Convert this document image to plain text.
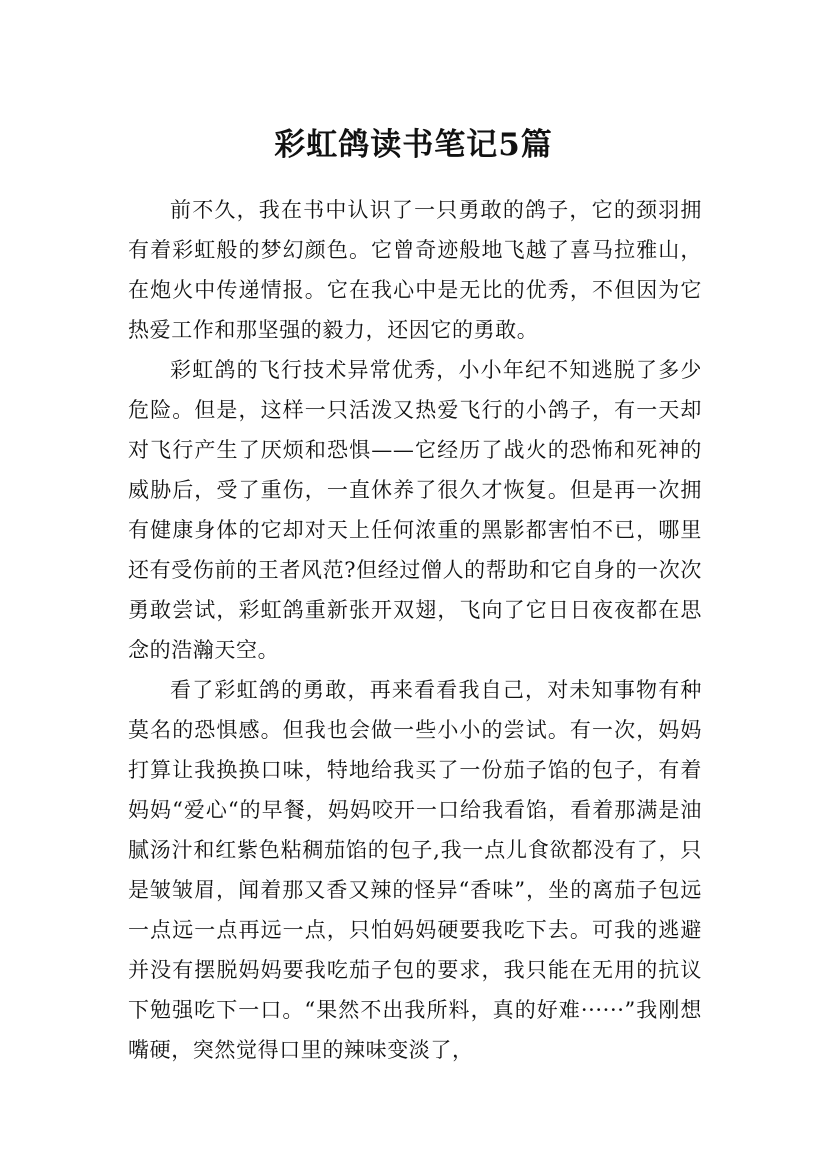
彩虹鸽读书笔记5篇

前不久，我在书中认识了一只勇敢的鸽子，它的颈羽拥有着彩虹般的梦幻颜色。它曾奇迹般地飞越了喜马拉雅山，在炮火中传递情报。它在我心中是无比的优秀，不但因为它热爱工作和那坚强的毅力，还因它的勇敢。

彩虹鸽的飞行技术异常优秀，小小年纪不知逃脱了多少危险。但是，这样一只活泼又热爱飞行的小鸽子，有一天却对飞行产生了厌烦和恐惧——它经历了战火的恐怖和死神的威胁后，受了重伤，一直休养了很久才恢复。但是再一次拥有健康身体的它却对天上任何浓重的黑影都害怕不已，哪里还有受伤前的王者风范?但经过僧人的帮助和它自身的一次次勇敢尝试，彩虹鸽重新张开双翅，飞向了它日日夜夜都在思念的浩瀚天空。

看了彩虹鸽的勇敢，再来看看我自己，对未知事物有种莫名的恐惧感。但我也会做一些小小的尝试。有一次，妈妈打算让我换换口味，特地给我买了一份茄子馅的包子，有着妈妈“爱心“的早餐，妈妈咬开一口给我看馅，看着那满是油腻汤汁和红紫色粘稠茄馅的包子,我一点儿食欲都没有了，只是皱皱眉，闻着那又香又辣的怪异“香味”，坐的离茄子包远一点远一点再远一点，只怕妈妈硬要我吃下去。可我的逃避并没有摆脱妈妈要我吃茄子包的要求，我只能在无用的抗议下勉强吃下一口。“果然不出我所料，真的好难······”我刚想嘴硬，突然觉得口里的辣味变淡了，
